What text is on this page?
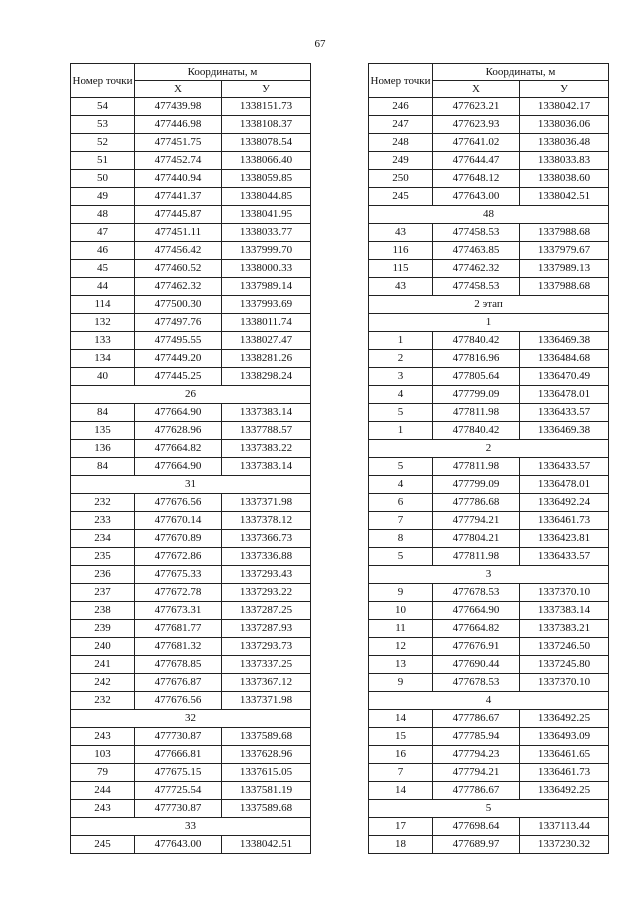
67
Номер точки	Координаты, м	
	X	У
54	477439.98	1338151.73
53	477446.98	1338108.37
52	477451.75	1338078.54
51	477452.74	1338066.40
50	477440.94	1338059.85
49	477441.37	1338044.85
48	477445.87	1338041.95
47	477451.11	1338033.77
46	477456.42	1337999.70
45	477460.52	1338000.33
44	477462.32	1337989.14
114	477500.30	1337993.69
132	477497.76	1338011.74
133	477495.55	1338027.47
134	477449.20	1338281.26
40	477445.25	1338298.24
26		
84	477664.90	1337383.14
135	477628.96	1337788.57
136	477664.82	1337383.22
84	477664.90	1337383.14
31		
232	477676.56	1337371.98
233	477670.14	1337378.12
234	477670.89	1337366.73
235	477672.86	1337336.88
236	477675.33	1337293.43
237	477672.78	1337293.22
238	477673.31	1337287.25
239	477681.77	1337287.93
240	477681.32	1337293.73
241	477678.85	1337337.25
242	477676.87	1337367.12
232	477676.56	1337371.98
32		
243	477730.87	1337589.68
103	477666.81	1337628.96
79	477675.15	1337615.05
244	477725.54	1337581.19
243	477730.87	1337589.68
33		
245	477643.00	1338042.51
Номер точки	Координаты, м	
	X	У
246	477623.21	1338042.17
247	477623.93	1338036.06
248	477641.02	1338036.48
249	477644.47	1338033.83
250	477648.12	1338038.60
245	477643.00	1338042.51
48		
43	477458.53	1337988.68
116	477463.85	1337979.67
115	477462.32	1337989.13
43	477458.53	1337988.68
2 этап		
1		
1	477840.42	1336469.38
2	477816.96	1336484.68
3	477805.64	1336470.49
4	477799.09	1336478.01
5	477811.98	1336433.57
1	477840.42	1336469.38
2		
5	477811.98	1336433.57
4	477799.09	1336478.01
6	477786.68	1336492.24
7	477794.21	1336461.73
8	477804.21	1336423.81
5	477811.98	1336433.57
3		
9	477678.53	1337370.10
10	477664.90	1337383.14
11	477664.82	1337383.21
12	477676.91	1337246.50
13	477690.44	1337245.80
9	477678.53	1337370.10
4		
14	477786.67	1336492.25
15	477785.94	1336493.09
16	477794.23	1336461.65
7	477794.21	1336461.73
14	477786.67	1336492.25
5		
17	477698.64	1337113.44
18	477689.97	1337230.32
